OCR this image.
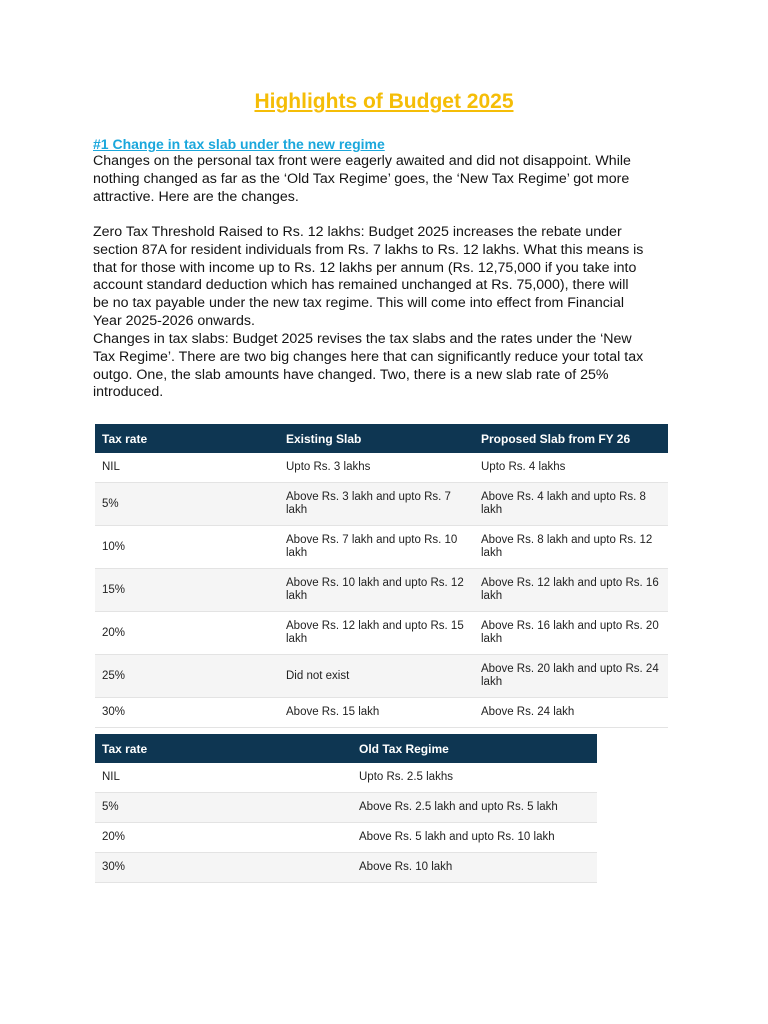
Highlights of Budget 2025
#1 Change in tax slab under the new regime
Changes on the personal tax front were eagerly awaited and did not disappoint. While
nothing changed as far as the ‘Old Tax Regime’ goes, the ‘New Tax Regime’ got more
attractive. Here are the changes.
Zero Tax Threshold Raised to Rs. 12 lakhs: Budget 2025 increases the rebate under
section 87A for resident individuals from Rs. 7 lakhs to Rs. 12 lakhs. What this means is
that for those with income up to Rs. 12 lakhs per annum (Rs. 12,75,000 if you take into
account standard deduction which has remained unchanged at Rs. 75,000), there will
be no tax payable under the new tax regime. This will come into effect from Financial
Year 2025-2026 onwards.
Changes in tax slabs: Budget 2025 revises the tax slabs and the rates under the ‘New
Tax Regime’. There are two big changes here that can significantly reduce your total tax
outgo. One, the slab amounts have changed. Two, there is a new slab rate of 25%
introduced.
Tax rate	Existing Slab	Proposed Slab from FY 26
NIL	Upto Rs. 3 lakhs	Upto Rs. 4 lakhs
5%	Above Rs. 3 lakh and upto Rs. 7 lakh	Above Rs. 4 lakh and upto Rs. 8 lakh
10%	Above Rs. 7 lakh and upto Rs. 10 lakh	Above Rs. 8 lakh and upto Rs. 12 lakh
15%	Above Rs. 10 lakh and upto Rs. 12 lakh	Above Rs. 12 lakh and upto Rs. 16 lakh
20%	Above Rs. 12 lakh and upto Rs. 15 lakh	Above Rs. 16 lakh and upto Rs. 20 lakh
25%	Did not exist	Above Rs. 20 lakh and upto Rs. 24 lakh
30%	Above Rs. 15 lakh	Above Rs. 24 lakh
Tax rate	Old Tax Regime
NIL	Upto Rs. 2.5 lakhs
5%	Above Rs. 2.5 lakh and upto Rs. 5 lakh
20%	Above Rs. 5 lakh and upto Rs. 10 lakh
30%	Above Rs. 10 lakh
